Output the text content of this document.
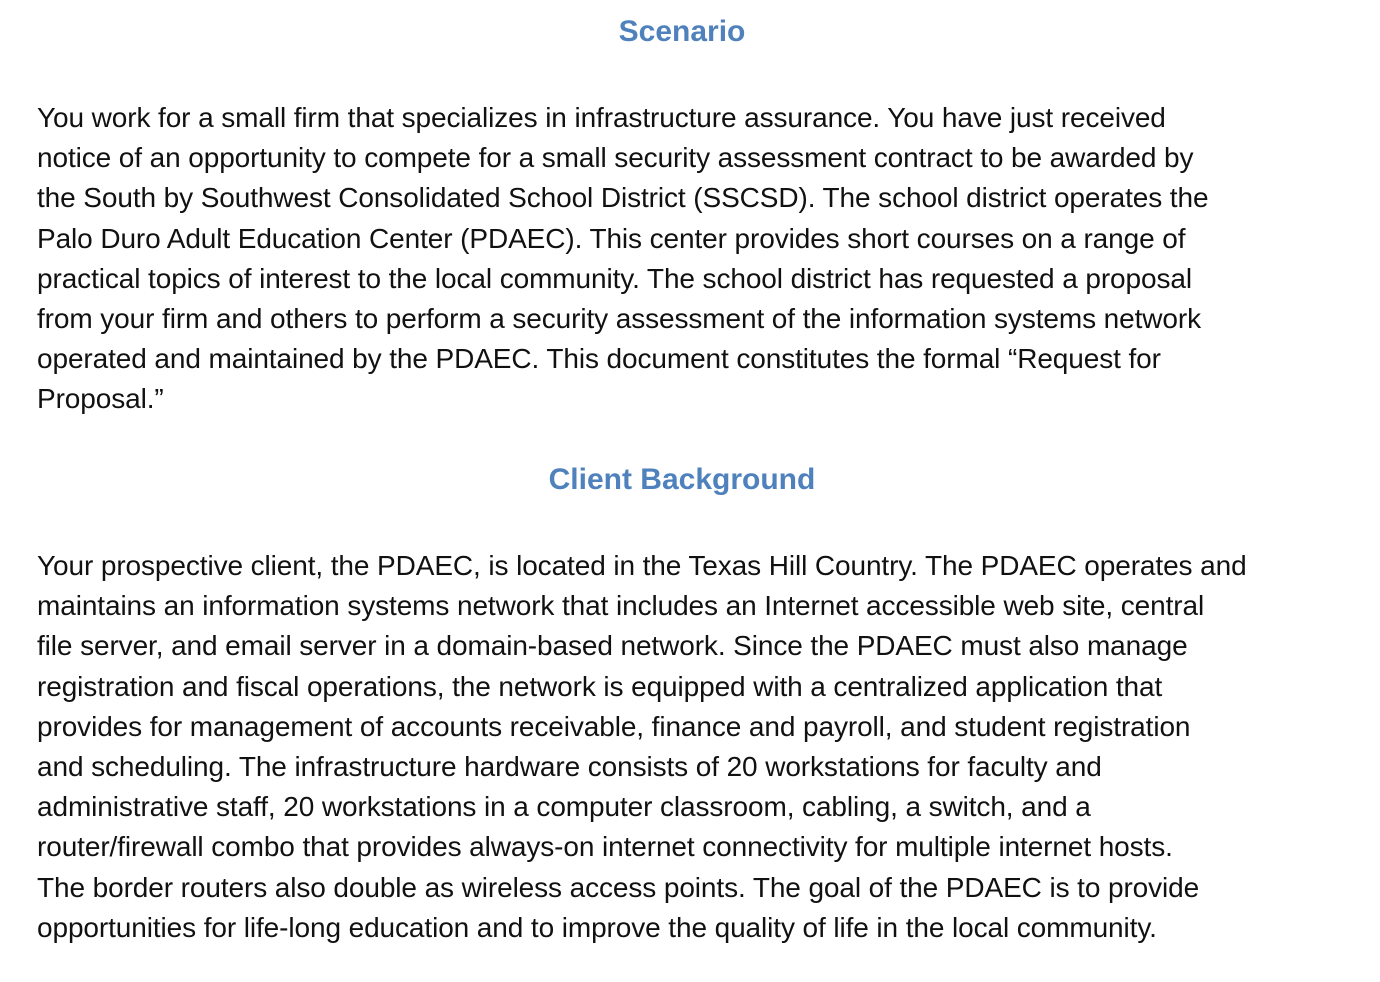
Scenario
You work for a small firm that specializes in infrastructure assurance. You have just received
notice of an opportunity to compete for a small security assessment contract to be awarded by
the South by Southwest Consolidated School District (SSCSD). The school district operates the
Palo Duro Adult Education Center (PDAEC). This center provides short courses on a range of
practical topics of interest to the local community. The school district has requested a proposal
from your firm and others to perform a security assessment of the information systems network
operated and maintained by the PDAEC. This document constitutes the formal “Request for
Proposal.”
Client Background
Your prospective client, the PDAEC, is located in the Texas Hill Country. The PDAEC operates and
maintains an information systems network that includes an Internet accessible web site, central
file server, and email server in a domain-based network. Since the PDAEC must also manage
registration and fiscal operations, the network is equipped with a centralized application that
provides for management of accounts receivable, finance and payroll, and student registration
and scheduling. The infrastructure hardware consists of 20 workstations for faculty and
administrative staff, 20 workstations in a computer classroom, cabling, a switch, and a
router/firewall combo that provides always-on internet connectivity for multiple internet hosts.
The border routers also double as wireless access points. The goal of the PDAEC is to provide
opportunities for life-long education and to improve the quality of life in the local community.
